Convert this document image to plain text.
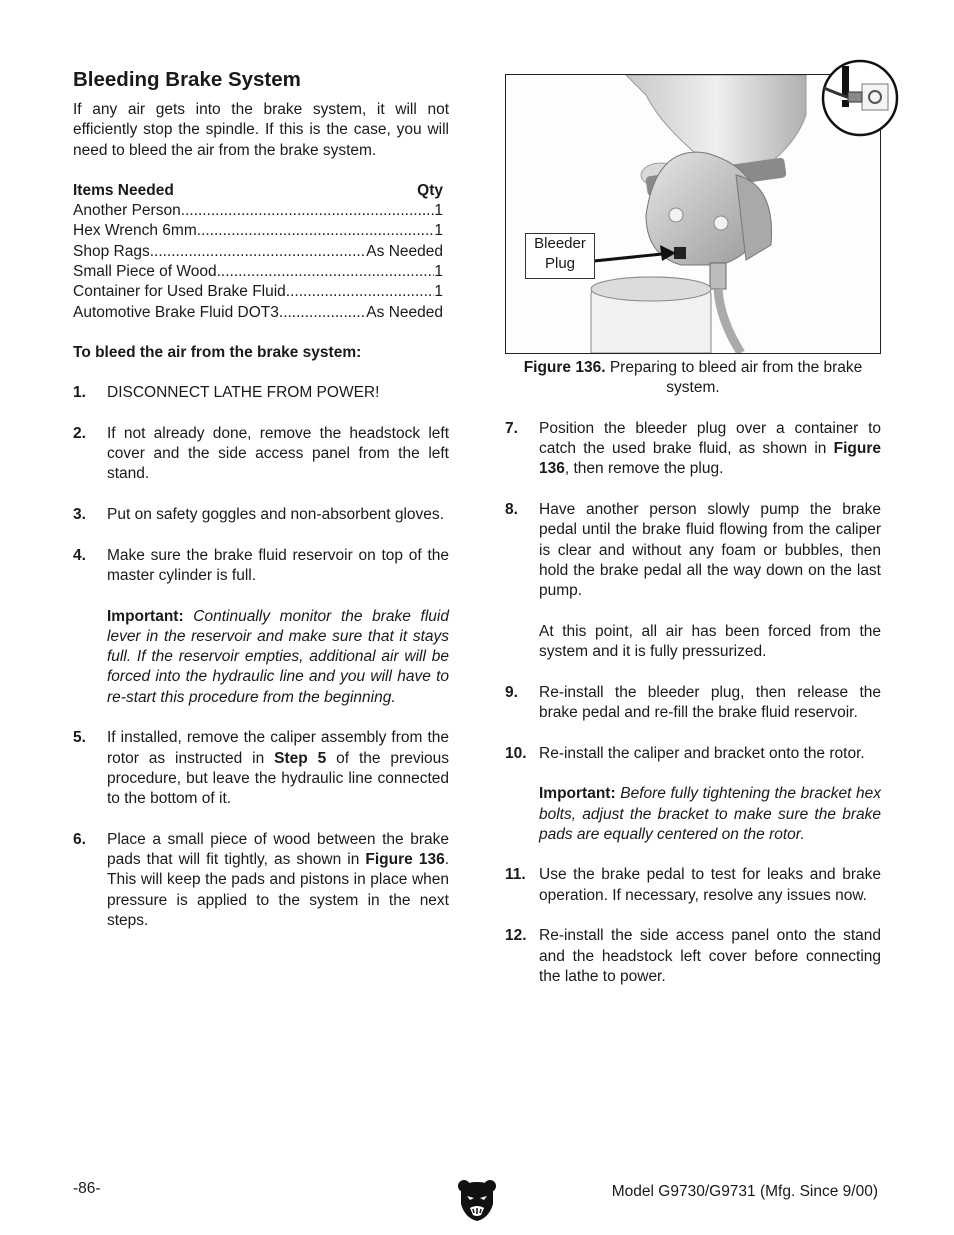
Bleeding Brake System

If any air gets into the brake system, it will not efficiently stop the spindle. If this is the case, you will need to bleed the air from the brake system.

Items Needed	Qty
Another Person .....	1
Hex Wrench 6mm .....	1
Shop Rags .....	As Needed
Small Piece of Wood .....	1
Container for Used Brake Fluid .....	1
Automotive Brake Fluid DOT3 .....	As Needed

To bleed the air from the brake system:

1.	DISCONNECT LATHE FROM POWER!

2.	If not already done, remove the headstock left cover and the side access panel from the left stand.

3.	Put on safety goggles and non-absorbent gloves.

4.	Make sure the brake fluid reservoir on top of the master cylinder is full.

Important: Continually monitor the brake fluid lever in the reservoir and make sure that it stays full. If the reservoir empties, additional air will be forced into the hydraulic line and you will have to re-start this procedure from the beginning.

5.	If installed, remove the caliper assembly from the rotor as instructed in Step 5 of the previous procedure, but leave the hydraulic line connected to the bottom of it.

6.	Place a small piece of wood between the brake pads that will fit tightly, as shown in Figure 136. This will keep the pads and pistons in place when pressure is applied to the system in the next steps.

Bleeder Plug
Figure 136. Preparing to bleed air from the brake system.
7.	Position the bleeder plug over a container to catch the used brake fluid, as shown in Figure 136, then remove the plug.

8.	Have another person slowly pump the brake pedal until the brake fluid flowing from the caliper is clear and without any foam or bubbles, then hold the brake pedal all the way down on the last pump.

At this point, all air has been forced from the system and it is fully pressurized.

9.	Re-install the bleeder plug, then release the brake pedal and re-fill the brake fluid reservoir.

10. Re-install the caliper and bracket onto the rotor.

Important: Before fully tightening the bracket hex bolts, adjust the bracket to make sure the brake pads are equally centered on the rotor.

11. Use the brake pedal to test for leaks and brake operation. If necessary, resolve any issues now.

12. Re-install the side access panel onto the stand and the headstock left cover before connecting the lathe to power.

-86-	Model G9730/G9731 (Mfg. Since 9/00)
